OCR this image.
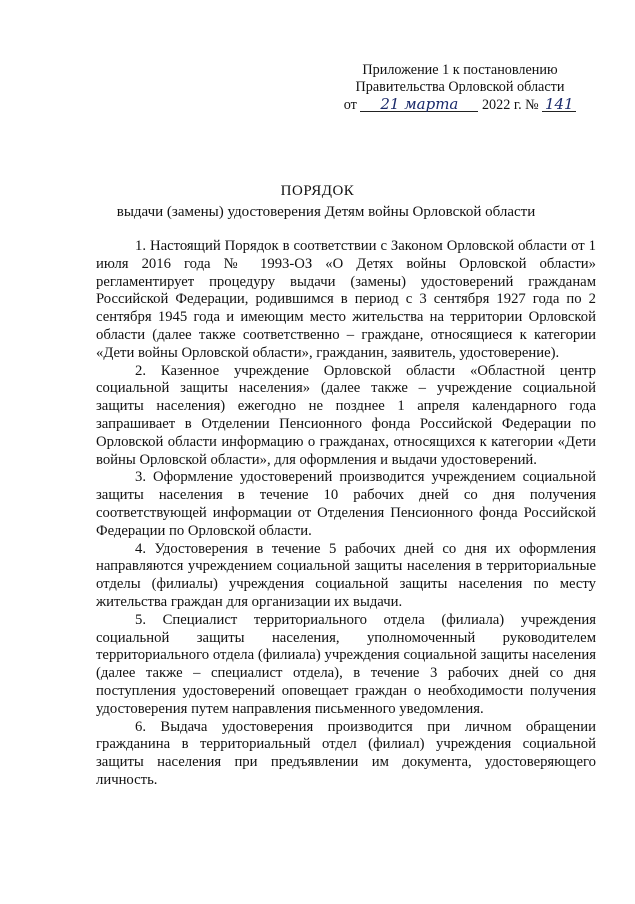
Приложение 1 к постановлению
Правительства Орловской области
от 21 марта 2022 г. № 141
ПОРЯДОК
выдачи (замены) удостоверения Детям войны Орловской области

1. Настоящий Порядок в соответствии с Законом Орловской области от 1 июля 2016 года № 1993-ОЗ «О Детях войны Орловской области» регламентирует процедуру выдачи (замены) удостоверений гражданам Российской Федерации, родившимся в период с 3 сентября 1927 года по 2 сентября 1945 года и имеющим место жительства на территории Орловской области (далее также соответственно – граждане, относящиеся к категории «Дети войны Орловской области», гражданин, заявитель, удостоверение).

2. Казенное учреждение Орловской области «Областной центр социальной защиты населения» (далее также – учреждение социальной защиты населения) ежегодно не позднее 1 апреля календарного года запрашивает в Отделении Пенсионного фонда Российской Федерации по Орловской области информацию о гражданах, относящихся к категории «Дети войны Орловской области», для оформления и выдачи удостоверений.

3. Оформление удостоверений производится учреждением социальной защиты населения в течение 10 рабочих дней со дня получения соответствующей информации от Отделения Пенсионного фонда Российской Федерации по Орловской области.

4. Удостоверения в течение 5 рабочих дней со дня их оформления направляются учреждением социальной защиты населения в территориальные отделы (филиалы) учреждения социальной защиты населения по месту жительства граждан для организации их выдачи.

5. Специалист территориального отдела (филиала) учреждения социальной защиты населения, уполномоченный руководителем территориального отдела (филиала) учреждения социальной защиты населения (далее также – специалист отдела), в течение 3 рабочих дней со дня поступления удостоверений оповещает граждан о необходимости получения удостоверения путем направления письменного уведомления.

6. Выдача удостоверения производится при личном обращении гражданина в территориальный отдел (филиал) учреждения социальной защиты населения при предъявлении им документа, удостоверяющего личность.
